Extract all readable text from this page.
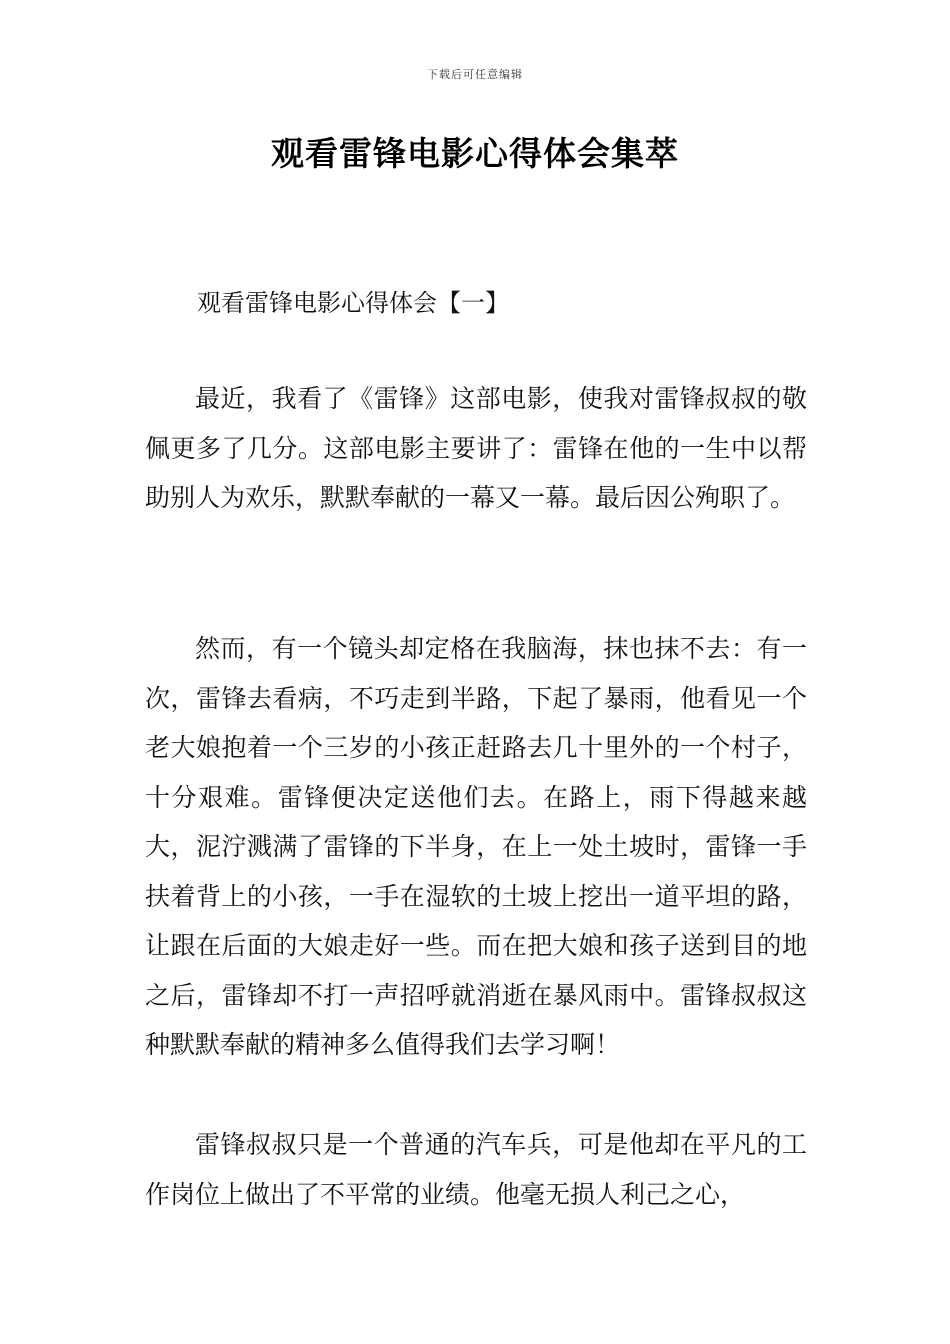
下载后可任意编辑
观看雷锋电影心得体会集萃
观看雷锋电影心得体会【一】

最近，我看了《雷锋》这部电影，使我对雷锋叔叔的敬佩更多了几分。这部电影主要讲了：雷锋在他的一生中以帮助别人为欢乐，默默奉献的一幕又一幕。最后因公殉职了。

然而，有一个镜头却定格在我脑海，抹也抹不去：有一次，雷锋去看病，不巧走到半路，下起了暴雨，他看见一个老大娘抱着一个三岁的小孩正赶路去几十里外的一个村子，十分艰难。雷锋便决定送他们去。在路上，雨下得越来越大，泥泞溅满了雷锋的下半身，在上一处土坡时，雷锋一手扶着背上的小孩，一手在湿软的土坡上挖出一道平坦的路，让跟在后面的大娘走好一些。而在把大娘和孩子送到目的地之后，雷锋却不打一声招呼就消逝在暴风雨中。雷锋叔叔这种默默奉献的精神多么值得我们去学习啊！

雷锋叔叔只是一个普通的汽车兵，可是他却在平凡的工作岗位上做出了不平常的业绩。他毫无损人利己之心，
